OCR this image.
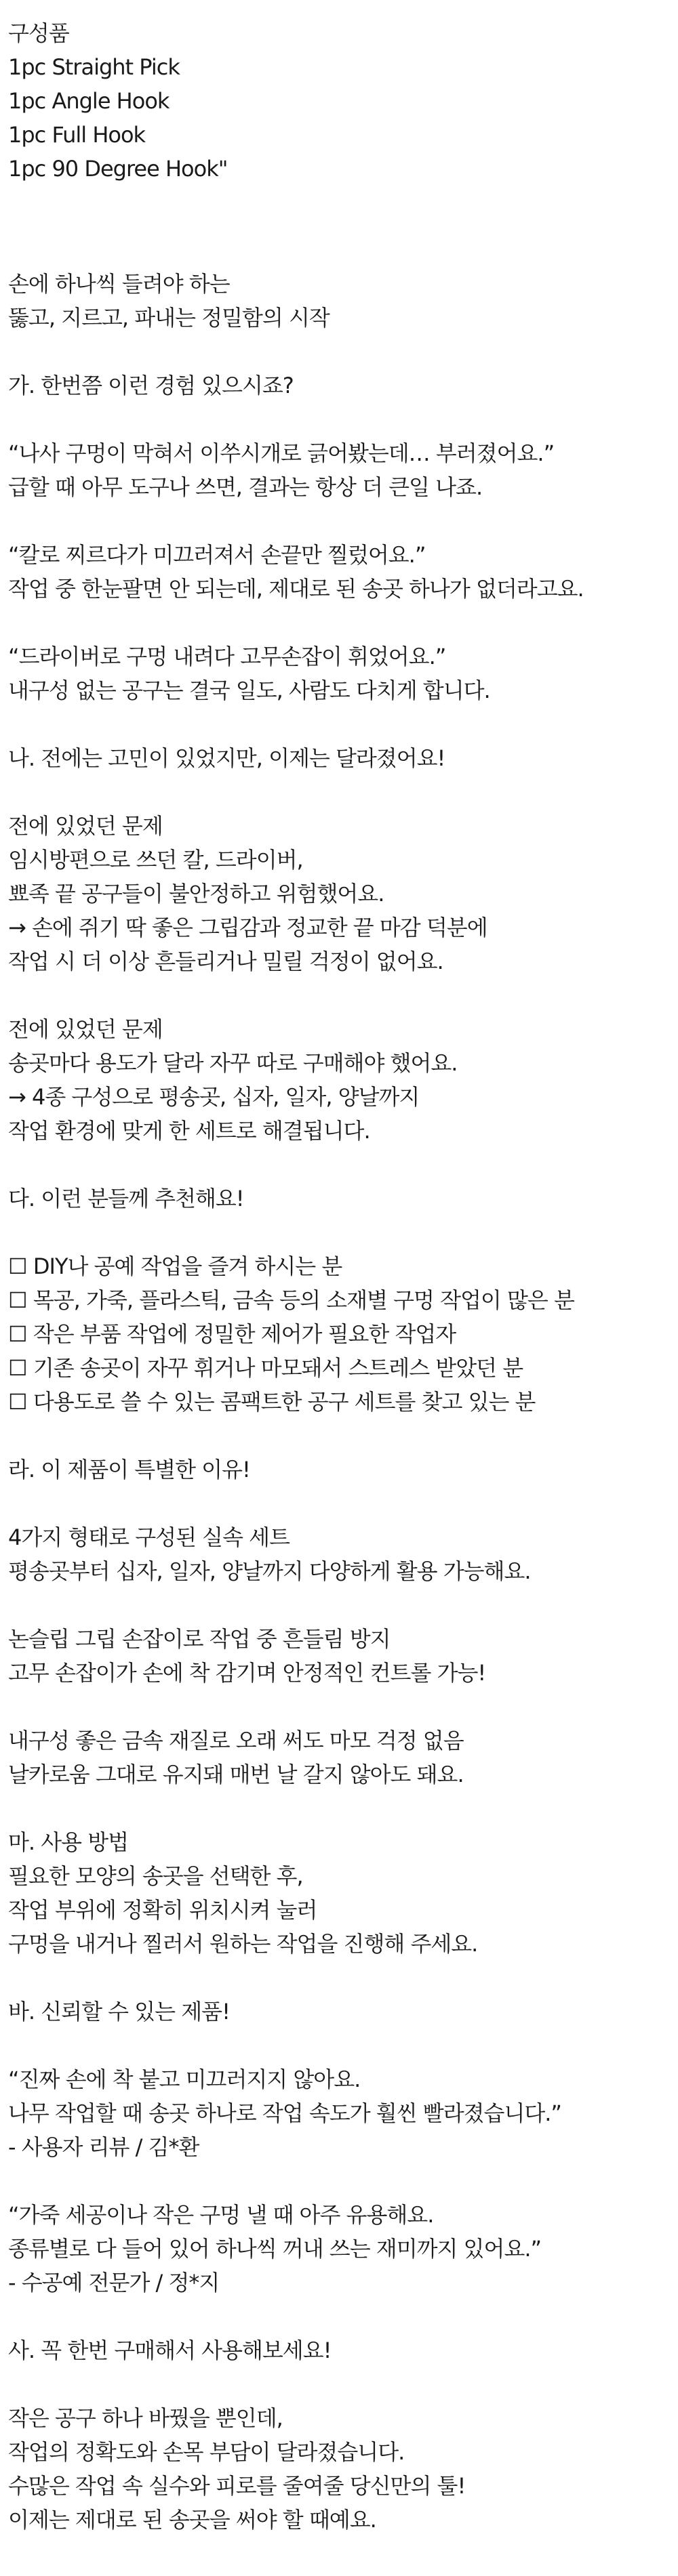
구성품
1pc Straight Pick
1pc Angle Hook
1pc Full Hook
1pc 90 Degree Hook"
손에 하나씩 들려야 하는
뚫고, 지르고, 파내는 정밀함의 시작
가. 한번쯤 이런 경험 있으시죠?
“나사 구멍이 막혀서 이쑤시개로 긁어봤는데… 부러졌어요.”
급할 때 아무 도구나 쓰면, 결과는 항상 더 큰일 나죠.
“칼로 찌르다가 미끄러져서 손끝만 찔렀어요.”
작업 중 한눈팔면 안 되는데, 제대로 된 송곳 하나가 없더라고요.
“드라이버로 구멍 내려다 고무손잡이 휘었어요.”
내구성 없는 공구는 결국 일도, 사람도 다치게 합니다.
나. 전에는 고민이 있었지만, 이제는 달라졌어요!
전에 있었던 문제
임시방편으로 쓰던 칼, 드라이버,
뾰족 끝 공구들이 불안정하고 위험했어요.
→ 손에 쥐기 딱 좋은 그립감과 정교한 끝 마감 덕분에
작업 시 더 이상 흔들리거나 밀릴 걱정이 없어요.
전에 있었던 문제
송곳마다 용도가 달라 자꾸 따로 구매해야 했어요.
→ 4종 구성으로 평송곳, 십자, 일자, 양날까지
작업 환경에 맞게 한 세트로 해결됩니다.
다. 이런 분들께 추천해요!
☐ DIY나 공예 작업을 즐겨 하시는 분
☐ 목공, 가죽, 플라스틱, 금속 등의 소재별 구멍 작업이 많은 분
☐ 작은 부품 작업에 정밀한 제어가 필요한 작업자
☐ 기존 송곳이 자꾸 휘거나 마모돼서 스트레스 받았던 분
☐ 다용도로 쓸 수 있는 콤팩트한 공구 세트를 찾고 있는 분
라. 이 제품이 특별한 이유!
4가지 형태로 구성된 실속 세트
평송곳부터 십자, 일자, 양날까지 다양하게 활용 가능해요.
논슬립 그립 손잡이로 작업 중 흔들림 방지
고무 손잡이가 손에 착 감기며 안정적인 컨트롤 가능!
내구성 좋은 금속 재질로 오래 써도 마모 걱정 없음
날카로움 그대로 유지돼 매번 날 갈지 않아도 돼요.
마. 사용 방법
필요한 모양의 송곳을 선택한 후,
작업 부위에 정확히 위치시켜 눌러
구멍을 내거나 찔러서 원하는 작업을 진행해 주세요.
바. 신뢰할 수 있는 제품!
“진짜 손에 착 붙고 미끄러지지 않아요.
나무 작업할 때 송곳 하나로 작업 속도가 훨씬 빨라졌습니다.”
- 사용자 리뷰 / 김*환
“가죽 세공이나 작은 구멍 낼 때 아주 유용해요.
종류별로 다 들어 있어 하나씩 꺼내 쓰는 재미까지 있어요.”
- 수공예 전문가 / 정*지
사. 꼭 한번 구매해서 사용해보세요!
작은 공구 하나 바꿨을 뿐인데,
작업의 정확도와 손목 부담이 달라졌습니다.
수많은 작업 속 실수와 피로를 줄여줄 당신만의 툴!
이제는 제대로 된 송곳을 써야 할 때예요.
